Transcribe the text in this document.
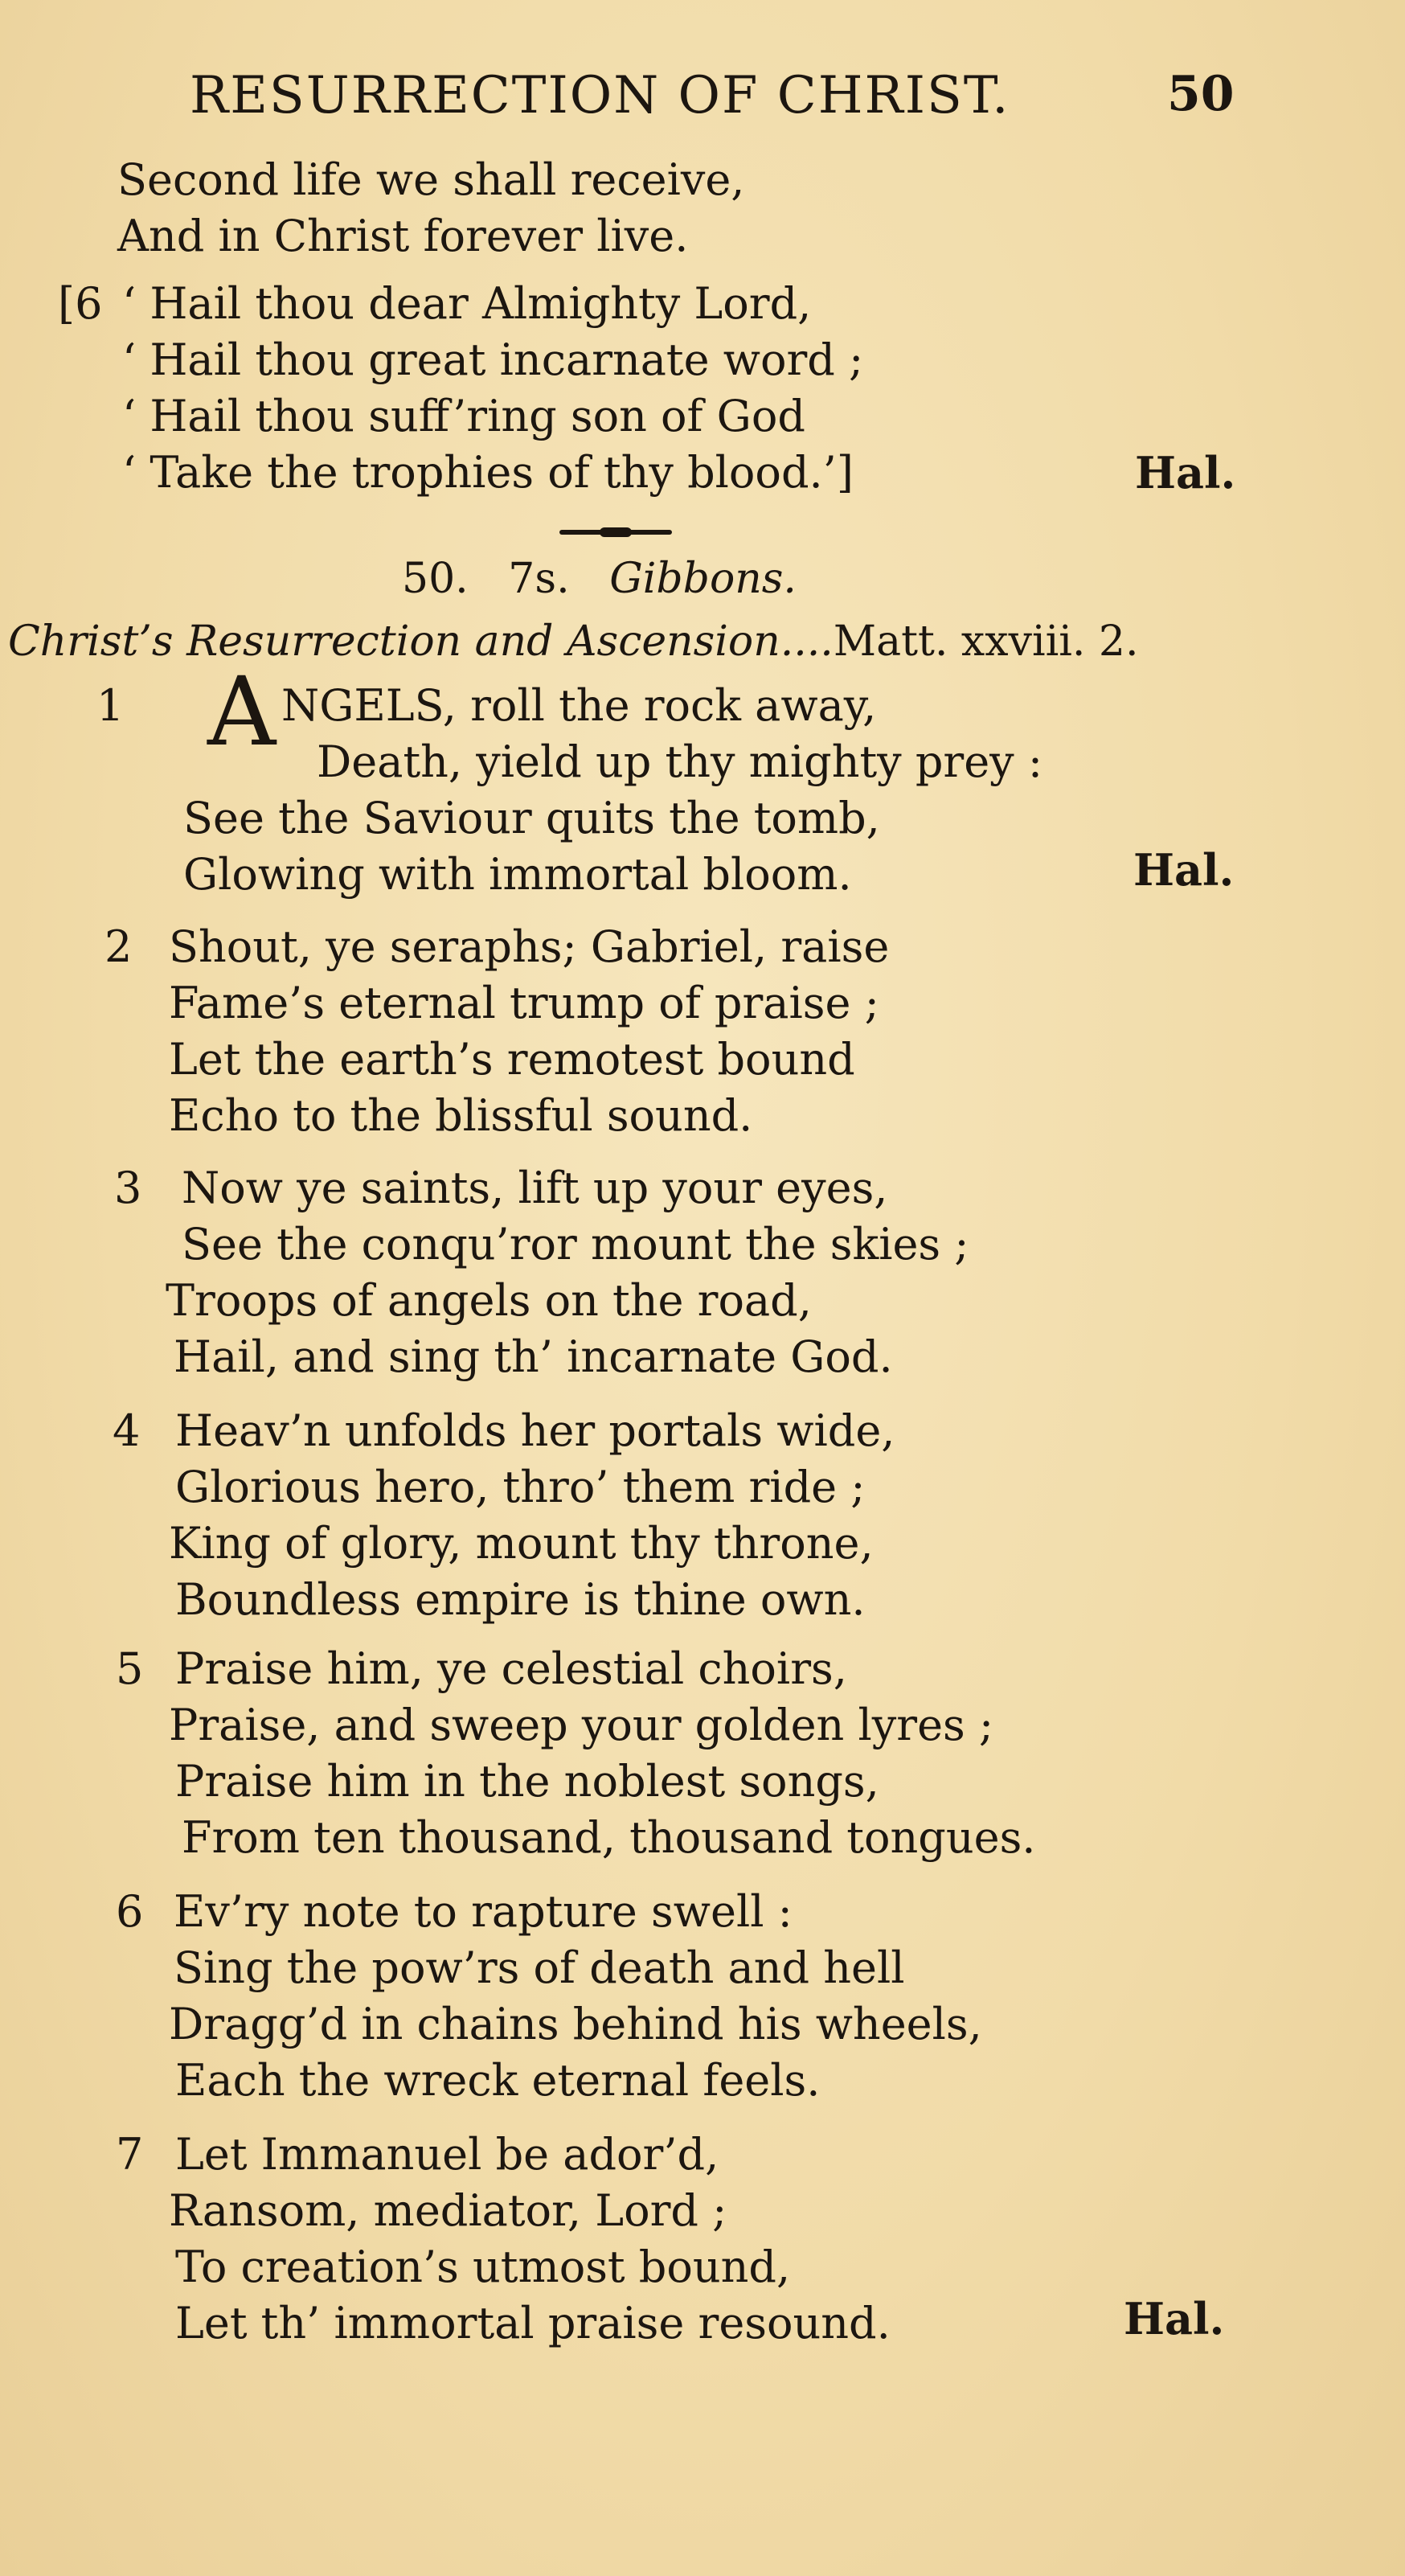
RESURRECTION OF CHRIST.	50
Second life we shall receive,
And in Christ forever live.
[6 ‘ Hail thou dear Almighty Lord,
‘ Hail thou great incarnate word ;
‘ Hail thou suff’ring son of God
‘ Take the trophies of thy blood.’]	Hal.
50. 7s. Gibbons.
Christ’s Resurrection and Ascension....Matt. xxviii. 2.
1 A NGELS, roll the rock away,
Death, yield up thy mighty prey :
See the Saviour quits the tomb,
Glowing with immortal bloom.	Hal.
2 Shout, ye seraphs; Gabriel, raise
Fame’s eternal trump of praise ;
Let the earth’s remotest bound
Echo to the blissful sound.
3 Now ye saints, lift up your eyes,
See the conqu’ror mount the skies ;
Troops of angels on the road,
Hail, and sing th’ incarnate God.
4 Heav’n unfolds her portals wide,
Glorious hero, thro’ them ride ;
King of glory, mount thy throne,
Boundless empire is thine own.
5 Praise him, ye celestial choirs,
Praise, and sweep your golden lyres ;
Praise him in the noblest songs,
From ten thousand, thousand tongues.
6 Ev’ry note to rapture swell :
Sing the pow’rs of death and hell
Dragg’d in chains behind his wheels,
Each the wreck eternal feels.
7 Let Immanuel be ador’d,
Ransom, mediator, Lord ;
To creation’s utmost bound,
Let th’ immortal praise resound.	Hal.
